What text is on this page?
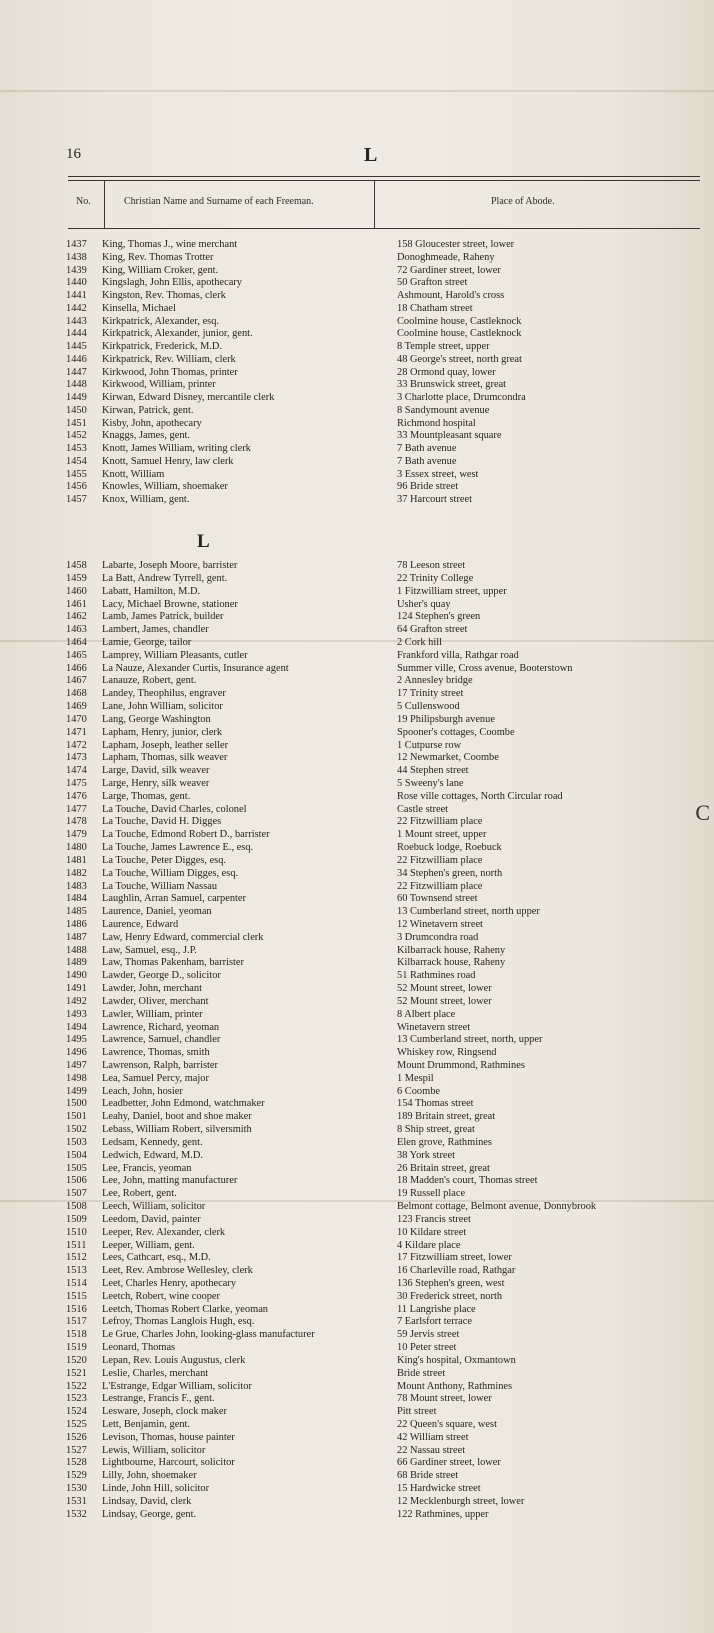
16	L
No.	Christian Name and Surname of each Freeman.	Place of Abode.
L
1437	King, Thomas J., wine merchant	158 Gloucester street, lower
1438	King, Rev. Thomas Trotter	Donoghmeade, Raheny
1439	King, William Croker, gent.	72 Gardiner street, lower
1440	Kingslagh, John Ellis, apothecary	50 Grafton street
1441	Kingston, Rev. Thomas, clerk	Ashmount, Harold's cross
1442	Kinsella, Michael	18 Chatham street
1443	Kirkpatrick, Alexander, esq.	Coolmine house, Castleknock
1444	Kirkpatrick, Alexander, junior, gent.	Coolmine house, Castleknock
1445	Kirkpatrick, Frederick, M.D.	8 Temple street, upper
1446	Kirkpatrick, Rev. William, clerk	48 George's street, north great
1447	Kirkwood, John Thomas, printer	28 Ormond quay, lower
1448	Kirkwood, William, printer	33 Brunswick street, great
1449	Kirwan, Edward Disney, mercantile clerk	3 Charlotte place, Drumcondra
1450	Kirwan, Patrick, gent.	8 Sandymount avenue
1451	Kisby, John, apothecary	Richmond hospital
1452	Knaggs, James, gent.	33 Mountpleasant square
1453	Knott, James William, writing clerk	7 Bath avenue
1454	Knott, Samuel Henry, law clerk	7 Bath avenue
1455	Knott, William	3 Essex street, west
1456	Knowles, William, shoemaker	96 Bride street
1457	Knox, William, gent.	37 Harcourt street
1458	Labarte, Joseph Moore, barrister	78 Leeson street
1459	La Batt, Andrew Tyrrell, gent.	22 Trinity College
1460	Labatt, Hamilton, M.D.	1 Fitzwilliam street, upper
1461	Lacy, Michael Browne, stationer	Usher's quay
1462	Lamb, James Patrick, builder	124 Stephen's green
1463	Lambert, James, chandler	64 Grafton street
1464	Lamie, George, tailor	2 Cork hill
1465	Lamprey, William Pleasants, cutler	Frankford villa, Rathgar road
1466	La Nauze, Alexander Curtis, Insurance agent	Summer ville, Cross avenue, Booterstown
1467	Lanauze, Robert, gent.	2 Annesley bridge
1468	Landey, Theophilus, engraver	17 Trinity street
1469	Lane, John William, solicitor	5 Cullenswood
1470	Lang, George Washington	19 Philipsburgh avenue
1471	Lapham, Henry, junior, clerk	Spooner's cottages, Coombe
1472	Lapham, Joseph, leather seller	1 Cutpurse row
1473	Lapham, Thomas, silk weaver	12 Newmarket, Coombe
1474	Large, David, silk weaver	44 Stephen street
1475	Large, Henry, silk weaver	5 Sweeny's lane
1476	Large, Thomas, gent.	Rose ville cottages, North Circular road
1477	La Touche, David Charles, colonel	Castle street
1478	La Touche, David H. Digges	22 Fitzwilliam place
1479	La Touche, Edmond Robert D., barrister	1 Mount street, upper
1480	La Touche, James Lawrence E., esq.	Roebuck lodge, Roebuck
1481	La Touche, Peter Digges, esq.	22 Fitzwilliam place
1482	La Touche, William Digges, esq.	34 Stephen's green, north
1483	La Touche, William Nassau	22 Fitzwilliam place
1484	Laughlin, Arran Samuel, carpenter	60 Townsend street
1485	Laurence, Daniel, yeoman	13 Cumberland street, north upper
1486	Laurence, Edward	12 Winetavern street
1487	Law, Henry Edward, commercial clerk	3 Drumcondra road
1488	Law, Samuel, esq., J.P.	Kilbarrack house, Raheny
1489	Law, Thomas Pakenham, barrister	Kilbarrack house, Raheny
1490	Lawder, George D., solicitor	51 Rathmines road
1491	Lawder, John, merchant	52 Mount street, lower
1492	Lawder, Oliver, merchant	52 Mount street, lower
1493	Lawler, William, printer	8 Albert place
1494	Lawrence, Richard, yeoman	Winetavern street
1495	Lawrence, Samuel, chandler	13 Cumberland street, north, upper
1496	Lawrence, Thomas, smith	Whiskey row, Ringsend
1497	Lawrenson, Ralph, barrister	Mount Drummond, Rathmines
1498	Lea, Samuel Percy, major	1 Mespil
1499	Leach, John, hosier	6 Coombe
1500	Leadbetter, John Edmond, watchmaker	154 Thomas street
1501	Leahy, Daniel, boot and shoe maker	189 Britain street, great
1502	Lebass, William Robert, silversmith	8 Ship street, great
1503	Ledsam, Kennedy, gent.	Elen grove, Rathmines
1504	Ledwich, Edward, M.D.	38 York street
1505	Lee, Francis, yeoman	26 Britain street, great
1506	Lee, John, matting manufacturer	18 Madden's court, Thomas street
1507	Lee, Robert, gent.	19 Russell place
1508	Leech, William, solicitor	Belmont cottage, Belmont avenue, Donnybrook
1509	Leedom, David, painter	123 Francis street
1510	Leeper, Rev. Alexander, clerk	10 Kildare street
1511	Leeper, William, gent.	4 Kildare place
1512	Lees, Cathcart, esq., M.D.	17 Fitzwilliam street, lower
1513	Leet, Rev. Ambrose Wellesley, clerk	16 Charleville road, Rathgar
1514	Leet, Charles Henry, apothecary	136 Stephen's green, west
1515	Leetch, Robert, wine cooper	30 Frederick street, north
1516	Leetch, Thomas Robert Clarke, yeoman	11 Langrishe place
1517	Lefroy, Thomas Langlois Hugh, esq.	7 Earlsfort terrace
1518	Le Grue, Charles John, looking-glass manufacturer	59 Jervis street
1519	Leonard, Thomas	10 Peter street
1520	Lepan, Rev. Louis Augustus, clerk	King's hospital, Oxmantown
1521	Leslie, Charles, merchant	Bride street
1522	L'Estrange, Edgar William, solicitor	Mount Anthony, Rathmines
1523	Lestrange, Francis F., gent.	78 Mount street, lower
1524	Lesware, Joseph, clock maker	Pitt street
1525	Lett, Benjamin, gent.	22 Queen's square, west
1526	Levison, Thomas, house painter	42 William street
1527	Lewis, William, solicitor	22 Nassau street
1528	Lightbourne, Harcourt, solicitor	66 Gardiner street, lower
1529	Lilly, John, shoemaker	68 Bride street
1530	Linde, John Hill, solicitor	15 Hardwicke street
1531	Lindsay, David, clerk	12 Mecklenburgh street, lower
1532	Lindsay, George, gent.	122 Rathmines, upper
C
